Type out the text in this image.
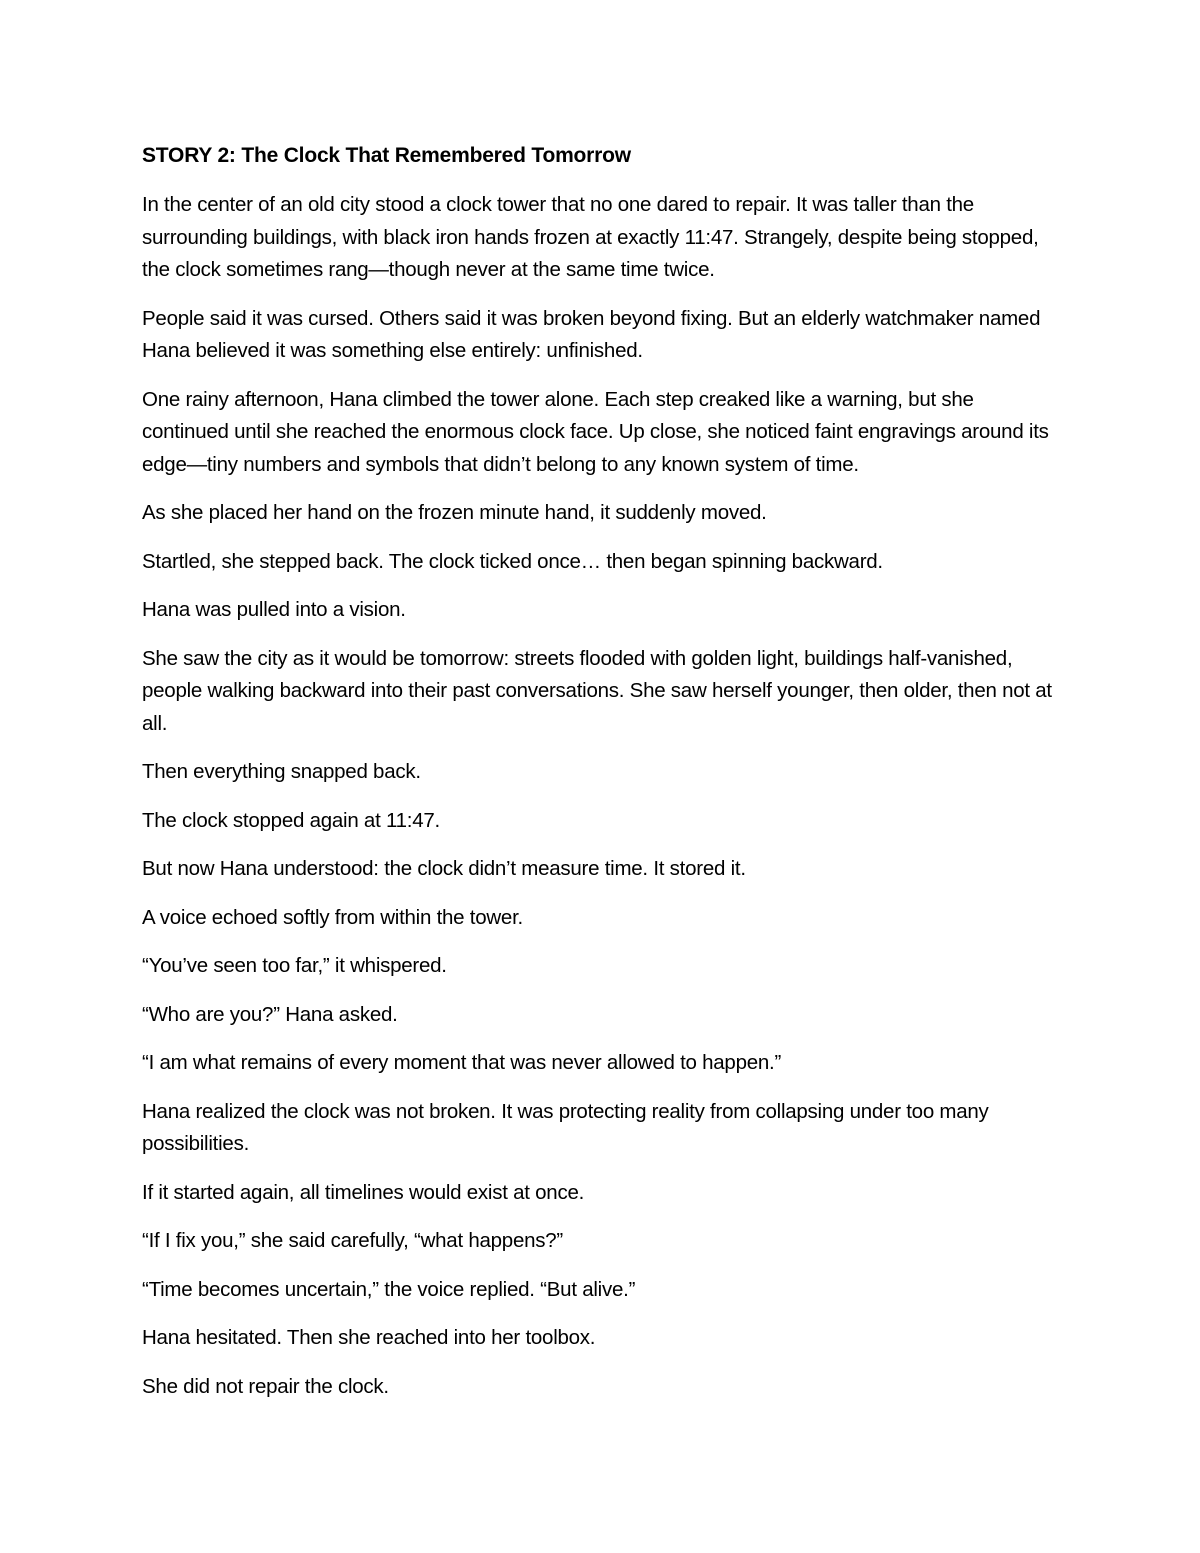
STORY 2: The Clock That Remembered Tomorrow

In the center of an old city stood a clock tower that no one dared to repair. It was taller than the surrounding buildings, with black iron hands frozen at exactly 11:47. Strangely, despite being stopped, the clock sometimes rang—though never at the same time twice.

People said it was cursed. Others said it was broken beyond fixing. But an elderly watchmaker named Hana believed it was something else entirely: unfinished.

One rainy afternoon, Hana climbed the tower alone. Each step creaked like a warning, but she continued until she reached the enormous clock face. Up close, she noticed faint engravings around its edge—tiny numbers and symbols that didn’t belong to any known system of time.

As she placed her hand on the frozen minute hand, it suddenly moved.

Startled, she stepped back. The clock ticked once… then began spinning backward.

Hana was pulled into a vision.

She saw the city as it would be tomorrow: streets flooded with golden light, buildings half-vanished, people walking backward into their past conversations. She saw herself younger, then older, then not at all.

Then everything snapped back.

The clock stopped again at 11:47.

But now Hana understood: the clock didn’t measure time. It stored it.

A voice echoed softly from within the tower.

“You’ve seen too far,” it whispered.

“Who are you?” Hana asked.

“I am what remains of every moment that was never allowed to happen.”

Hana realized the clock was not broken. It was protecting reality from collapsing under too many possibilities.

If it started again, all timelines would exist at once.

“If I fix you,” she said carefully, “what happens?”

“Time becomes uncertain,” the voice replied. “But alive.”

Hana hesitated. Then she reached into her toolbox.

She did not repair the clock.
